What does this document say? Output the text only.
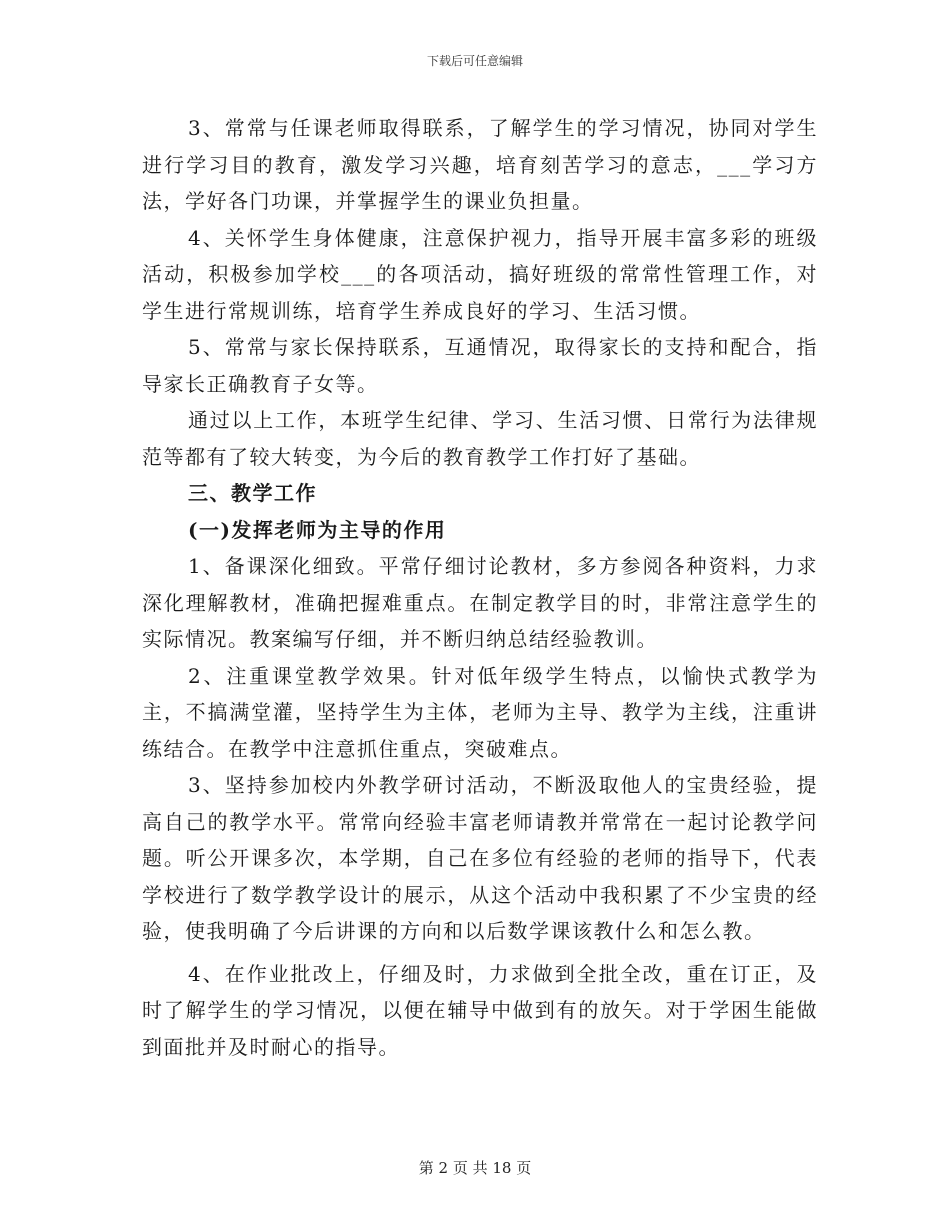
下载后可任意编辑

3、常常与任课老师取得联系，了解学生的学习情况，协同对学生进行学习目的教育，激发学习兴趣，培育刻苦学习的意志，___学习方法，学好各门功课，并掌握学生的课业负担量。

4、关怀学生身体健康，注意保护视力，指导开展丰富多彩的班级活动，积极参加学校___的各项活动，搞好班级的常常性管理工作，对学生进行常规训练，培育学生养成良好的学习、生活习惯。

5、常常与家长保持联系，互通情况，取得家长的支持和配合，指导家长正确教育子女等。

通过以上工作，本班学生纪律、学习、生活习惯、日常行为法律规范等都有了较大转变，为今后的教育教学工作打好了基础。

三、教学工作

(一)发挥老师为主导的作用

1、备课深化细致。平常仔细讨论教材，多方参阅各种资料，力求深化理解教材，准确把握难重点。在制定教学目的时，非常注意学生的实际情况。教案编写仔细，并不断归纳总结经验教训。

2、注重课堂教学效果。针对低年级学生特点，以愉快式教学为主，不搞满堂灌，坚持学生为主体，老师为主导、教学为主线，注重讲练结合。在教学中注意抓住重点，突破难点。

3、坚持参加校内外教学研讨活动，不断汲取他人的宝贵经验，提高自己的教学水平。常常向经验丰富老师请教并常常在一起讨论教学问题。听公开课多次，本学期，自己在多位有经验的老师的指导下，代表学校进行了数学教学设计的展示，从这个活动中我积累了不少宝贵的经验，使我明确了今后讲课的方向和以后数学课该教什么和怎么教。

4、在作业批改上，仔细及时，力求做到全批全改，重在订正，及时了解学生的学习情况，以便在辅导中做到有的放矢。对于学困生能做到面批并及时耐心的指导。

第 2 页 共 18 页
